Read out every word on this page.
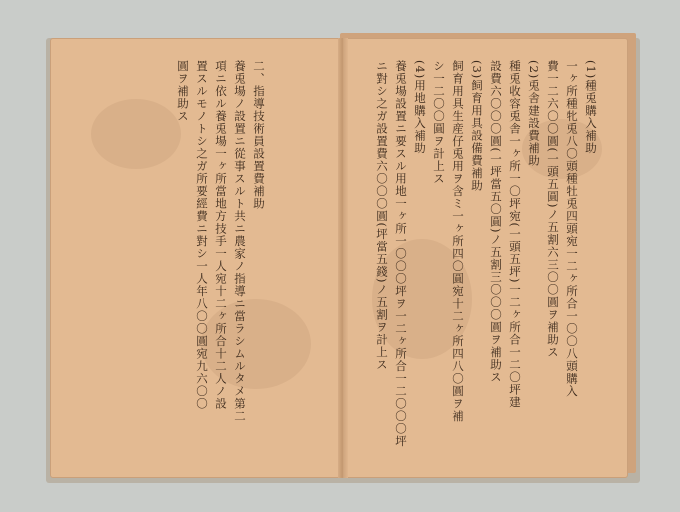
二、指導技術員設置費補助
養兎場ノ設置ニ從事スルト共ニ農家ノ指導ニ當ラシムルタメ第二
項ニ依ル養兎場一ヶ所當地方技手一人宛十二ヶ所合十二人ノ設
置スルモノトシ之ガ所要經費ニ對シ一人年八〇〇圓宛九六〇〇
圓ヲ補助ス	(1)種兎購入補助
一ヶ所種牝兎八〇頭種牡兎四頭宛一二ヶ所合一〇〇八頭購入
費一二六〇〇圓(一頭五圓)ノ五割六三〇〇圓ヲ補助ス
(2)兎舎建設費補助
種兎收容兎舎一ヶ所一〇坪宛(一頭五坪)一二ヶ所合一二〇坪建
設費六〇〇〇圓(一坪當五〇圓)ノ五割三〇〇〇圓ヲ補助ス
(3)飼育用具設備費補助
飼育用具生産仔兎用ヲ含ミ一ヶ所四〇圓宛十二ヶ所四八〇圓ヲ補
シ一二〇〇圓ヲ計上ス
(4)用地購入補助
養兎場設置ニ要スル用地一ヶ所一〇〇〇坪ヲ一二ヶ所合一二〇〇〇坪
ニ對シ之ガ設置費六〇〇〇圓(坪當五錢)ノ五割ヲ計上ス
